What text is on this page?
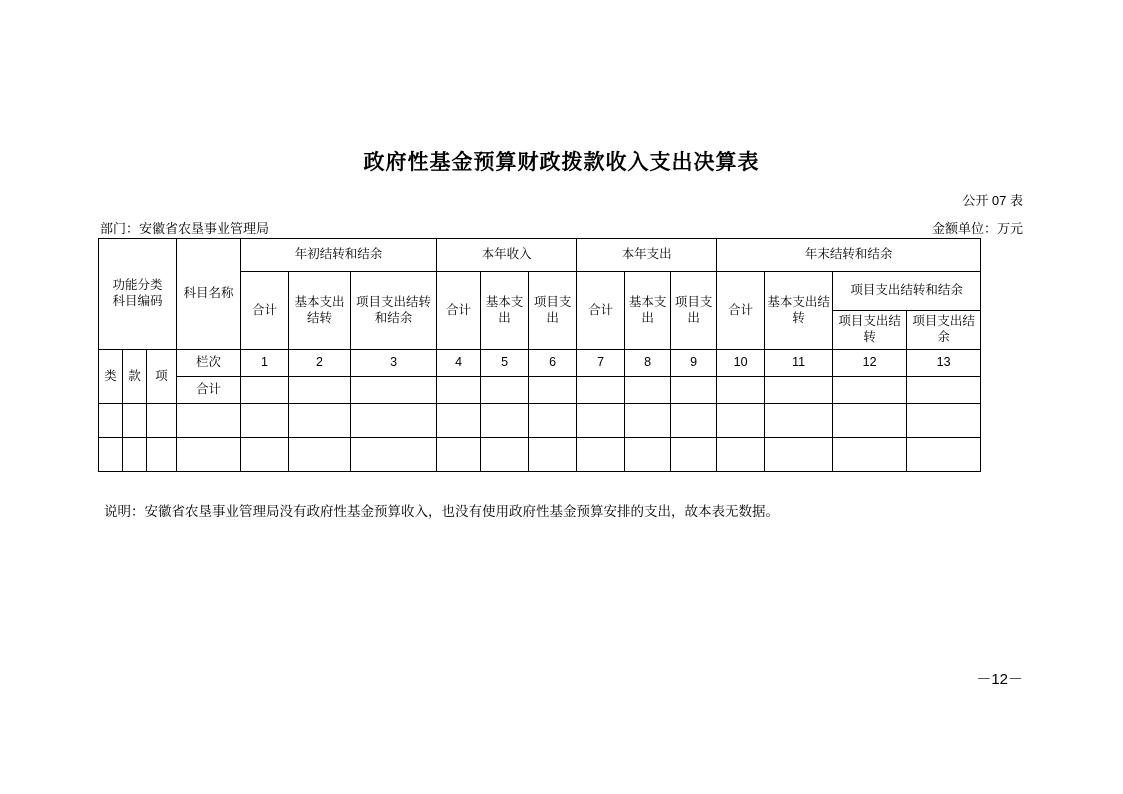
政府性基金预算财政拨款收入支出决算表
公开 07 表
部门：安徽省农垦事业管理局	金额单位：万元
功能分类
科目编码			科目名称	年初结转和结余			本年收入			本年支出			年末结转和结余			
				合计	基本支出结转	项目支出结转和结余	合计	基本支出	项目支出	合计	基本支出	项目支出	合计	基本支出结转	项目支出结转和结余	
															项目支出结转	项目支出结余
类	款	项	栏次	1	2	3	4	5	6	7	8	9	10	11	12	13
			合计													

说明：安徽省农垦事业管理局没有政府性基金预算收入，也没有使用政府性基金预算安排的支出，故本表无数据。
－12－
